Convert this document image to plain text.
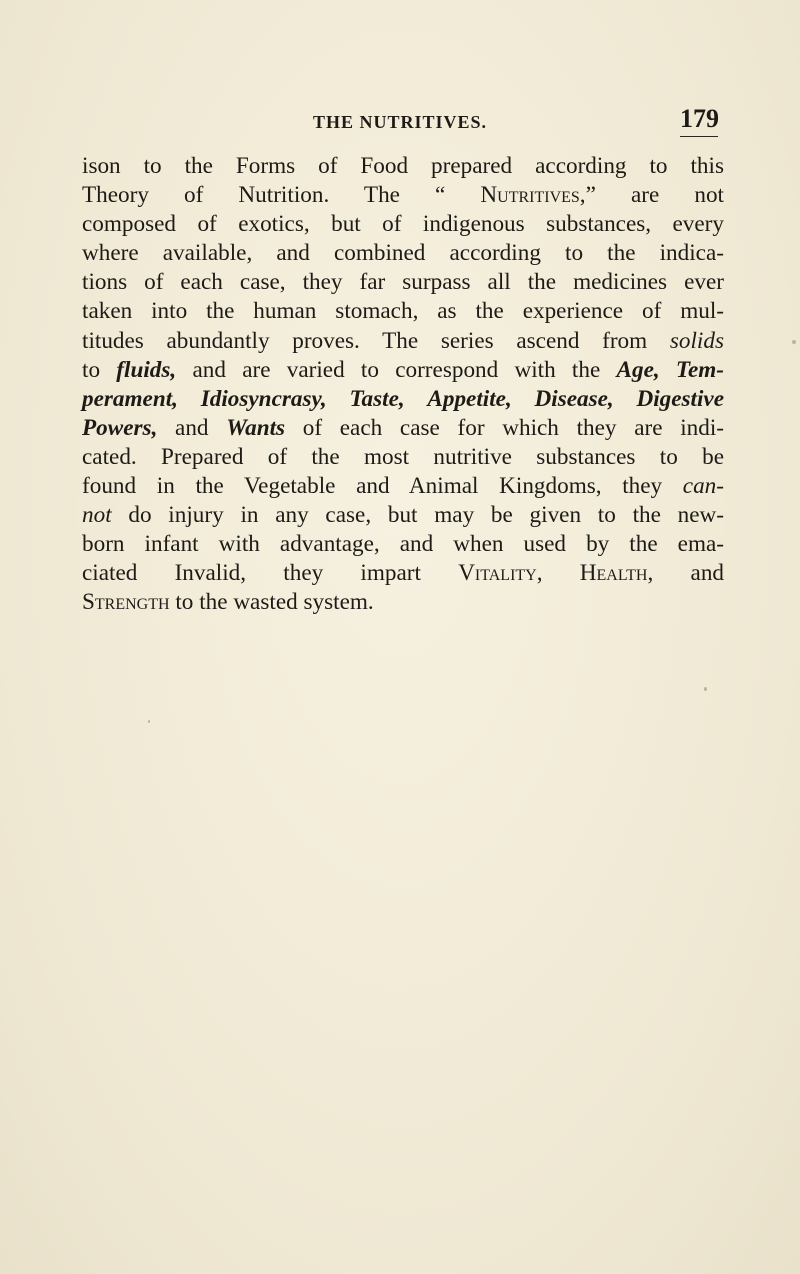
THE NUTRITIVES.	179
ison to the Forms of Food prepared according to this
Theory of Nutrition. The “ Nutritives,” are not
composed of exotics, but of indigenous substances, every
where available, and combined according to the indica-
tions of each case, they far surpass all the medicines ever
taken into the human stomach, as the experience of mul-
titudes abundantly proves. The series ascend from solids
to fluids, and are varied to correspond with the Age, Tem-
perament, Idiosyncrasy, Taste, Appetite, Disease, Digestive
Powers, and Wants of each case for which they are indi-
cated. Prepared of the most nutritive substances to be
found in the Vegetable and Animal Kingdoms, they can-
not do injury in any case, but may be given to the new-
born infant with advantage, and when used by the ema-
ciated Invalid, they impart Vitality, Health, and
Strength to the wasted system.
